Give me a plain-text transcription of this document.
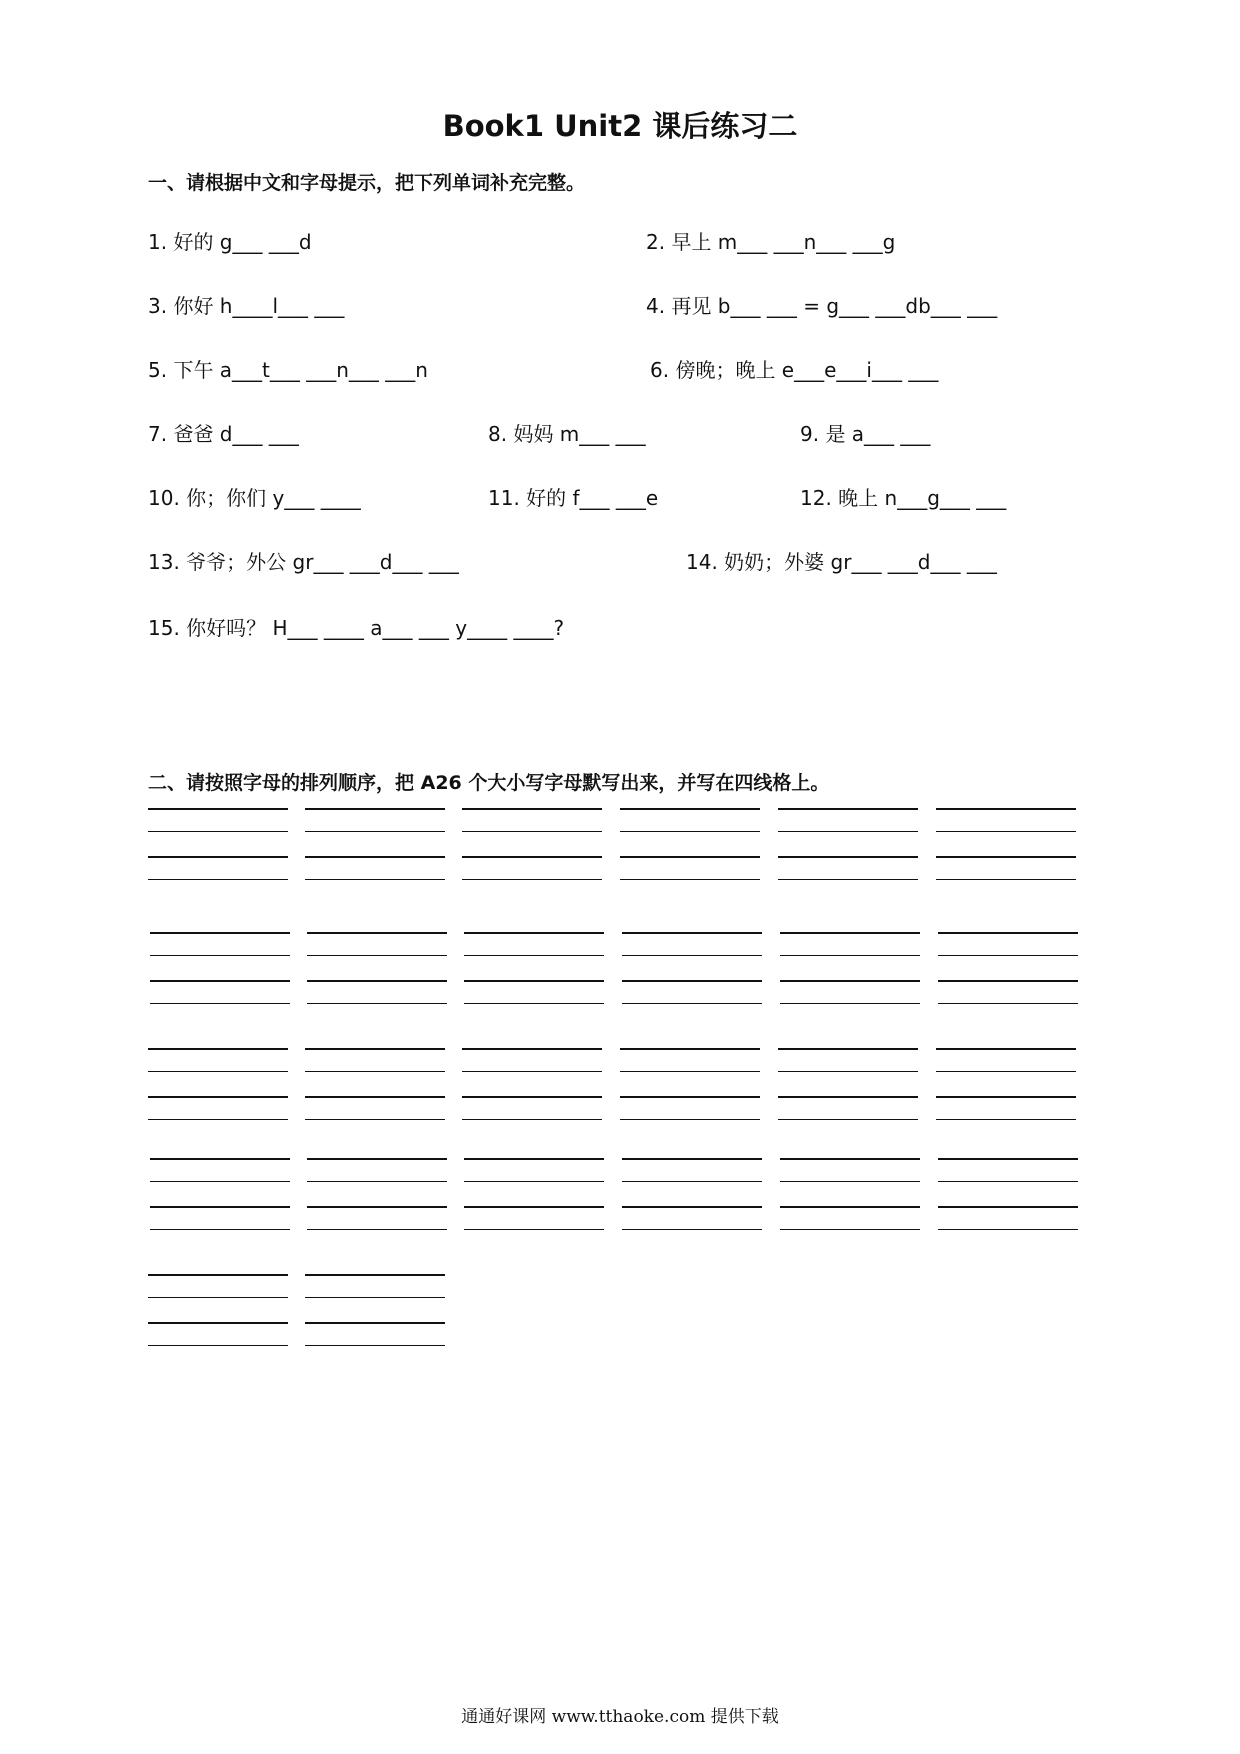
Book1 Unit2 课后练习二
一、请根据中文和字母提示，把下列单词补充完整。
1. 好的 g___ ___d	2. 早上 m___ ___n___ ___g
3. 你好 h____l___ ___	4. 再见 b___ ___ = g___ ___db___ ___
5. 下午 a___t___ ___n___ ___n	6. 傍晚；晚上 e___e___i___ ___
7. 爸爸 d___ ___	8. 妈妈 m___ ___	9. 是 a___ ___
10. 你；你们 y___ ____	11. 好的 f___ ___e	12. 晚上 n___g___ ___
13. 爷爷；外公 gr___ ___d___ ___	14. 奶奶；外婆 gr___ ___d___ ___
15. 你好吗？ H___ ____ a___ ___ y____ ____?
二、请按照字母的排列顺序，把 A26 个大小写字母默写出来，并写在四线格上。
通通好课网 www.tthaoke.com 提供下载
